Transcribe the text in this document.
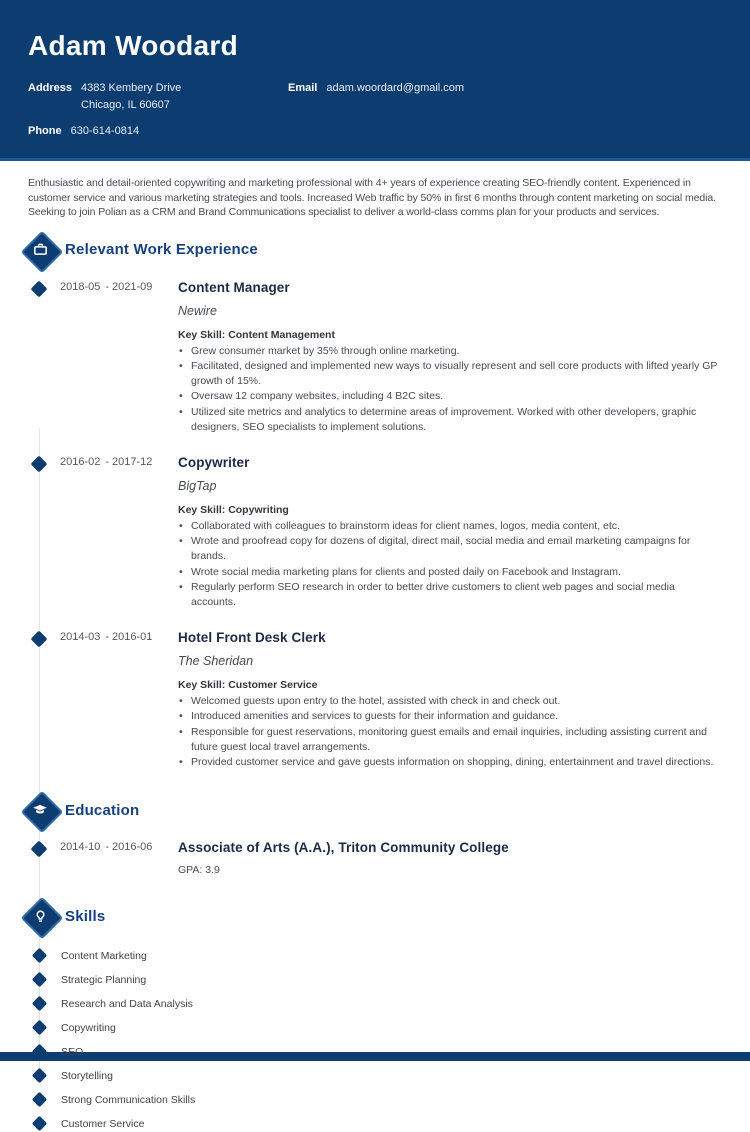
Adam Woodard
Address 4383 Kembery Drive
Chicago, IL 60607
Email adam.woordard@gmail.com
Phone 630-614-0814

Enthusiastic and detail-oriented copywriting and marketing professional with 4+ years of experience creating SEO-friendly content. Experienced in customer service and various marketing strategies and tools. Increased Web traffic by 50% in first 6 months through content marketing on social media. Seeking to join Polian as a CRM and Brand Communications specialist to deliver a world-class comms plan for your products and services.

Relevant Work Experience
2018-05 - 2021-09	Content Manager
Newire
Key Skill: Content Management
• Grew consumer market by 35% through online marketing.
• Facilitated, designed and implemented new ways to visually represent and sell core products with lifted yearly GP growth of 15%.
• Oversaw 12 company websites, including 4 B2C sites.
• Utilized site metrics and analytics to determine areas of improvement. Worked with other developers, graphic designers, SEO specialists to implement solutions.
2016-02 - 2017-12	Copywriter
BigTap
Key Skill: Copywriting
• Collaborated with colleagues to brainstorm ideas for client names, logos, media content, etc.
• Wrote and proofread copy for dozens of digital, direct mail, social media and email marketing campaigns for brands.
• Wrote social media marketing plans for clients and posted daily on Facebook and Instagram.
• Regularly perform SEO research in order to better drive customers to client web pages and social media accounts.
2014-03 - 2016-01	Hotel Front Desk Clerk
The Sheridan
Key Skill: Customer Service
• Welcomed guests upon entry to the hotel, assisted with check in and check out.
• Introduced amenities and services to guests for their information and guidance.
• Responsible for guest reservations, monitoring guest emails and email inquiries, including assisting current and future guest local travel arrangements.
• Provided customer service and gave guests information on shopping, dining, entertainment and travel directions.
Education
2014-10 - 2016-06	Associate of Arts (A.A.), Triton Community College
GPA: 3.9
Skills
Content Marketing
Strategic Planning
Research and Data Analysis
Copywriting
SEO
Storytelling
Strong Communication Skills
Customer Service
